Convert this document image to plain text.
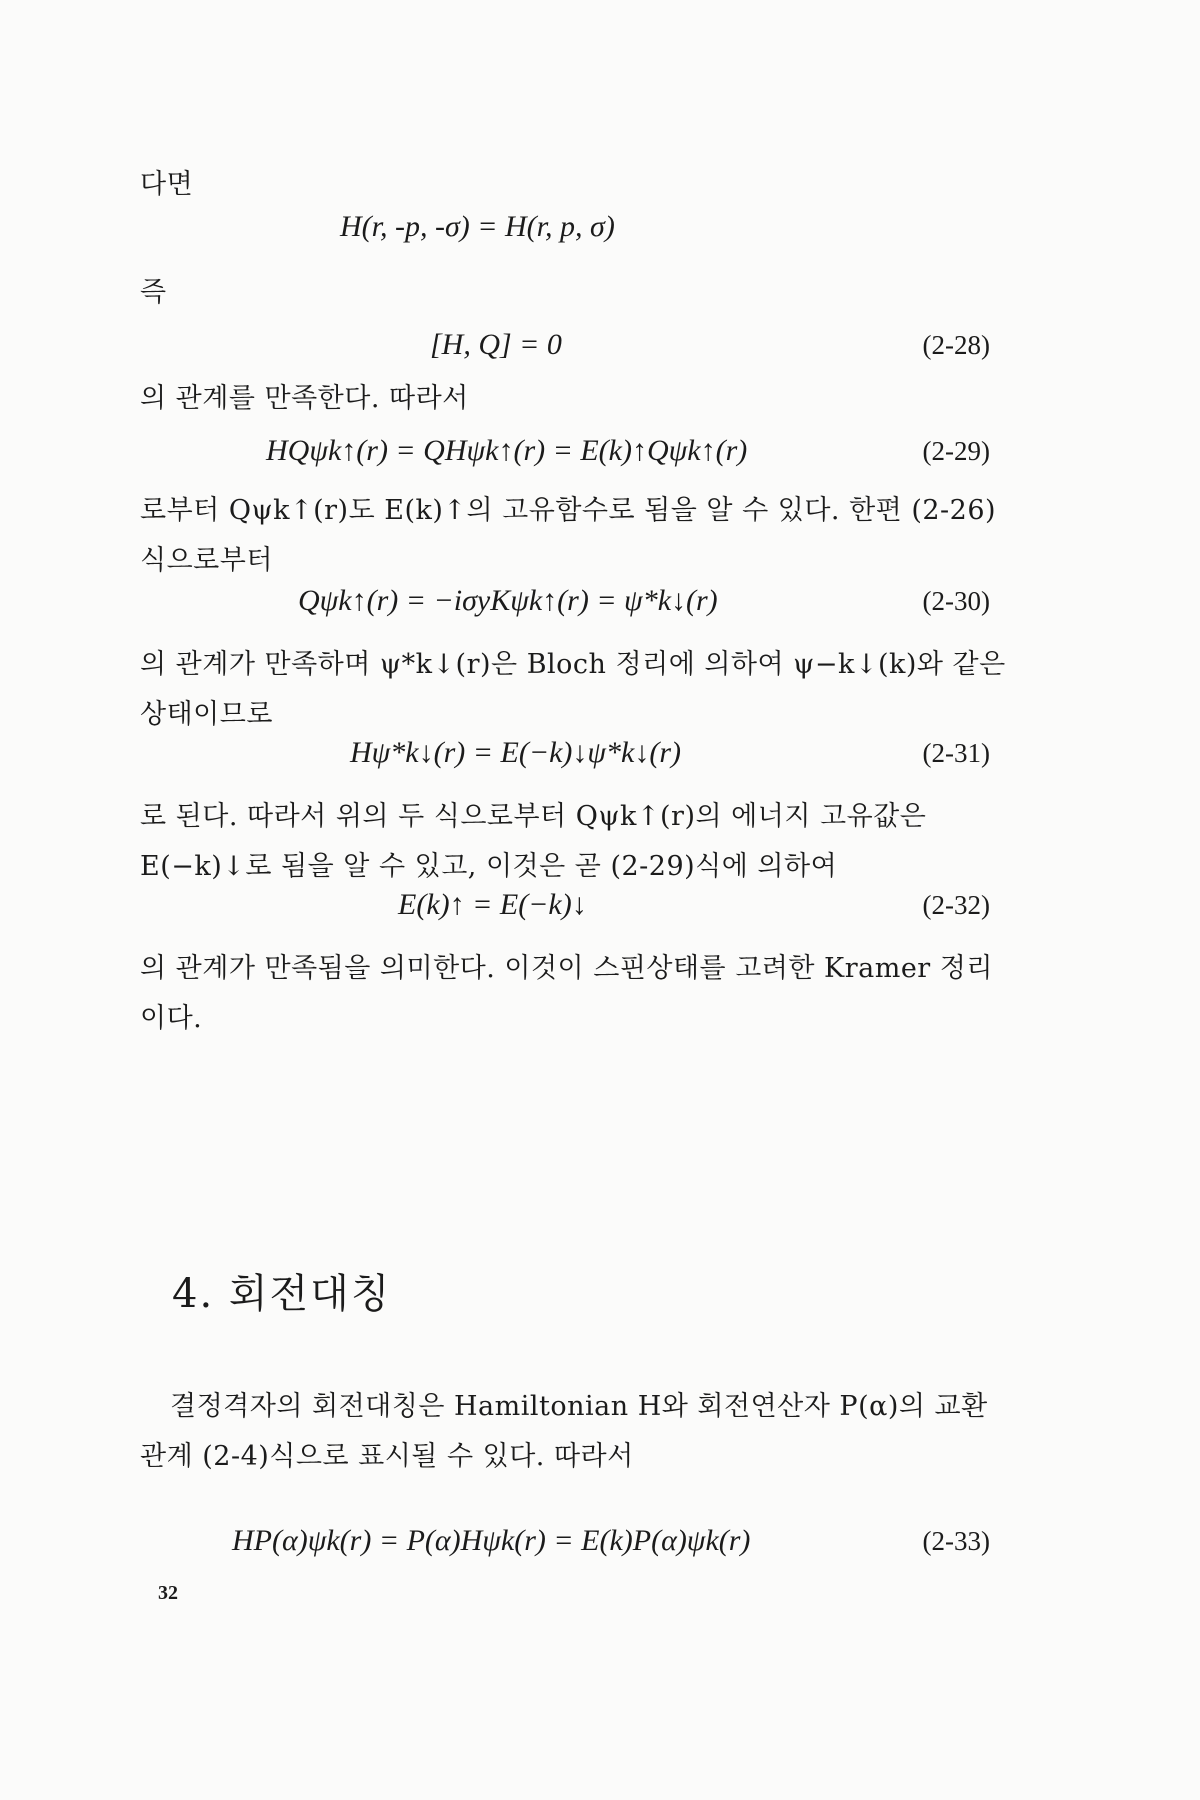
다면

H(r, -p, -σ) = H(r, p, σ)

즉

[H, Q] = 0	(2-28)

의 관계를 만족한다. 따라서

HQψk↑(r) = QHψk↑(r) = E(k)↑Qψk↑(r)	(2-29)

로부터 Qψk↑(r)도 E(k)↑의 고유함수로 됨을 알 수 있다. 한편 (2-26)식으로부터

Qψk↑(r) = −iσyKψk↑(r) = ψ*k↓(r)	(2-30)

의 관계가 만족하며 ψ*k↓(r)은 Bloch 정리에 의하여 ψ−k↓(k)와 같은 상태이므로

Hψ*k↓(r) = E(−k)↓ψ*k↓(r)	(2-31)

로 된다. 따라서 위의 두 식으로부터 Qψk↑(r)의 에너지 고유값은 E(−k)↓로 됨을 알 수 있고, 이것은 곧 (2-29)식에 의하여

E(k)↑ = E(−k)↓	(2-32)

의 관계가 만족됨을 의미한다. 이것이 스핀상태를 고려한 Kramer 정리이다.

4. 회전대칭

결정격자의 회전대칭은 Hamiltonian H와 회전연산자 P(α)의 교환관계 (2-4)식으로 표시될 수 있다. 따라서

HP(α)ψk(r) = P(α)Hψk(r) = E(k)P(α)ψk(r)	(2-33)
32
